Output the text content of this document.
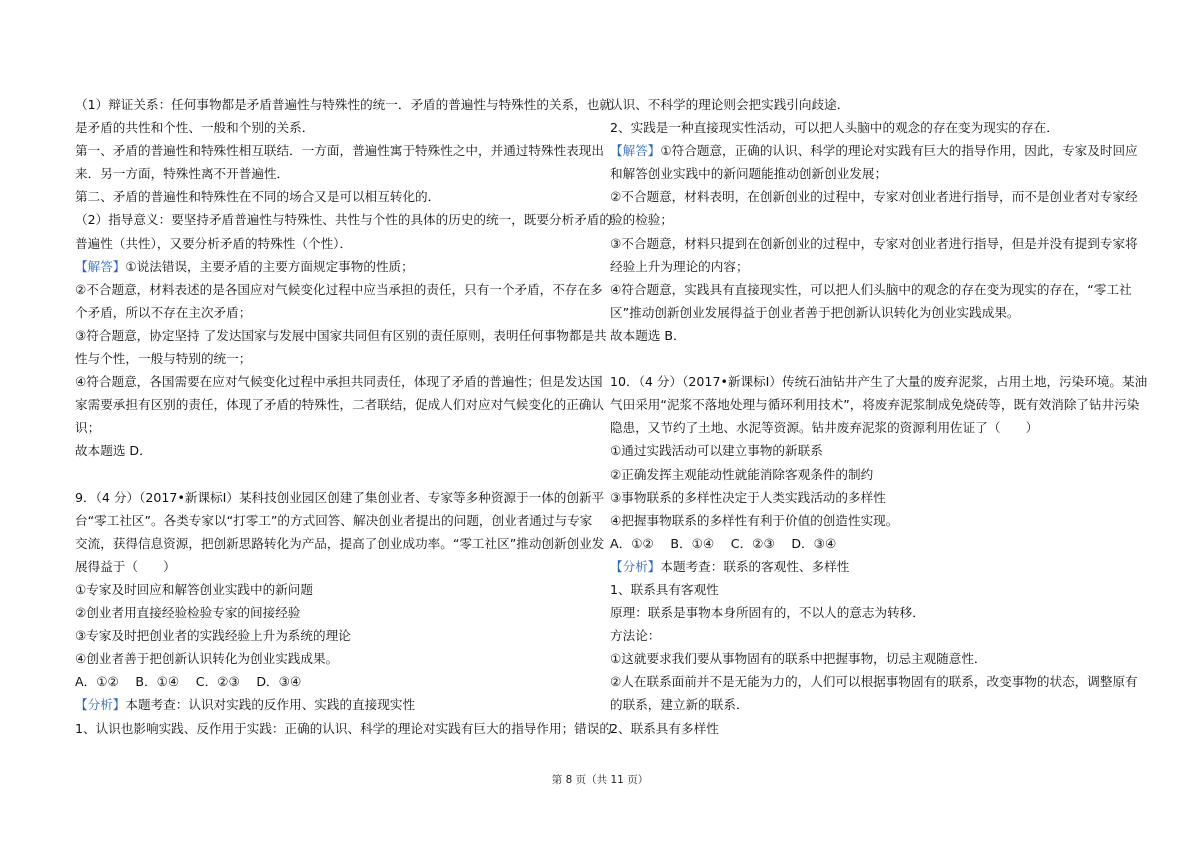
（1）辩证关系：任何事物都是矛盾普遍性与特殊性的统一．矛盾的普遍性与特殊性的关系，也就
是矛盾的共性和个性、一般和个别的关系．
第一、矛盾的普遍性和特殊性相互联结．一方面，普遍性寓于特殊性之中，并通过特殊性表现出
来．另一方面，特殊性离不开普遍性．
第二、矛盾的普遍性和特殊性在不同的场合又是可以相互转化的．
（2）指导意义：要坚持矛盾普遍性与特殊性、共性与个性的具体的历史的统一，既要分析矛盾的
普遍性（共性），又要分析矛盾的特殊性（个性）．
【解答】①说法错误，主要矛盾的主要方面规定事物的性质；
②不合题意，材料表述的是各国应对气候变化过程中应当承担的责任，只有一个矛盾，不存在多
个矛盾，所以不存在主次矛盾；
③符合题意，协定坚持 了发达国家与发展中国家共同但有区别的责任原则，表明任何事物都是共
性与个性，一般与特别的统一；
④符合题意，各国需要在应对气候变化过程中承担共同责任，体现了矛盾的普遍性；但是发达国
家需要承担有区别的责任，体现了矛盾的特殊性，二者联结，促成人们对应对气候变化的正确认
识；
故本题选 D．
9．（4 分）（2017•新课标Ⅰ）某科技创业园区创建了集创业者、专家等多种资源于一体的创新平
台“零工社区”。各类专家以“打零工”的方式回答、解决创业者提出的问题，创业者通过与专家
交流，获得信息资源，把创新思路转化为产品，提高了创业成功率。“零工社区”推动创新创业发
展得益于（　　）
①专家及时回应和解答创业实践中的新问题
②创业者用直接经验检验专家的间接经验
③专家及时把创业者的实践经验上升为系统的理论
④创业者善于把创新认识转化为创业实践成果。
A．①②　 B．①④　 C．②③　 D．③④
【分析】本题考查：认识对实践的反作用、实践的直接现实性
1、认识也影响实践、反作用于实践：正确的认识、科学的理论对实践有巨大的指导作用；错误的
认识、不科学的理论则会把实践引向歧途．
2、实践是一种直接现实性活动，可以把人头脑中的观念的存在变为现实的存在．
【解答】①符合题意，正确的认识、科学的理论对实践有巨大的指导作用，因此，专家及时回应
和解答创业实践中的新问题能推动创新创业发展；
②不合题意，材料表明，在创新创业的过程中，专家对创业者进行指导，而不是创业者对专家经
验的检验；
③不合题意，材料只提到在创新创业的过程中，专家对创业者进行指导，但是并没有提到专家将
经验上升为理论的内容；
④符合题意，实践具有直接现实性，可以把人们头脑中的观念的存在变为现实的存在，“零工社
区”推动创新创业发展得益于创业者善于把创新认识转化为创业实践成果。
故本题选 B．
10．（4 分）（2017•新课标Ⅰ）传统石油钻井产生了大量的废弃泥浆，占用土地，污染环境。某油
气田采用“泥浆不落地处理与循环利用技术”，将废弃泥浆制成免烧砖等，既有效消除了钻井污染
隐患，又节约了土地、水泥等资源。钻井废弃泥浆的资源利用佐证了（　　）
①通过实践活动可以建立事物的新联系
②正确发挥主观能动性就能消除客观条件的制约
③事物联系的多样性决定于人类实践活动的多样性
④把握事物联系的多样性有利于价值的创造性实现。
A．①②　 B．①④　 C．②③　 D．③④
【分析】本题考查：联系的客观性、多样性
1、联系具有客观性
原理：联系是事物本身所固有的，不以人的意志为转移．
方法论：
①这就要求我们要从事物固有的联系中把握事物，切忌主观随意性．
②人在联系面前并不是无能为力的，人们可以根据事物固有的联系，改变事物的状态，调整原有
的联系，建立新的联系．
2、联系具有多样性
第 8 页（共 11 页）
